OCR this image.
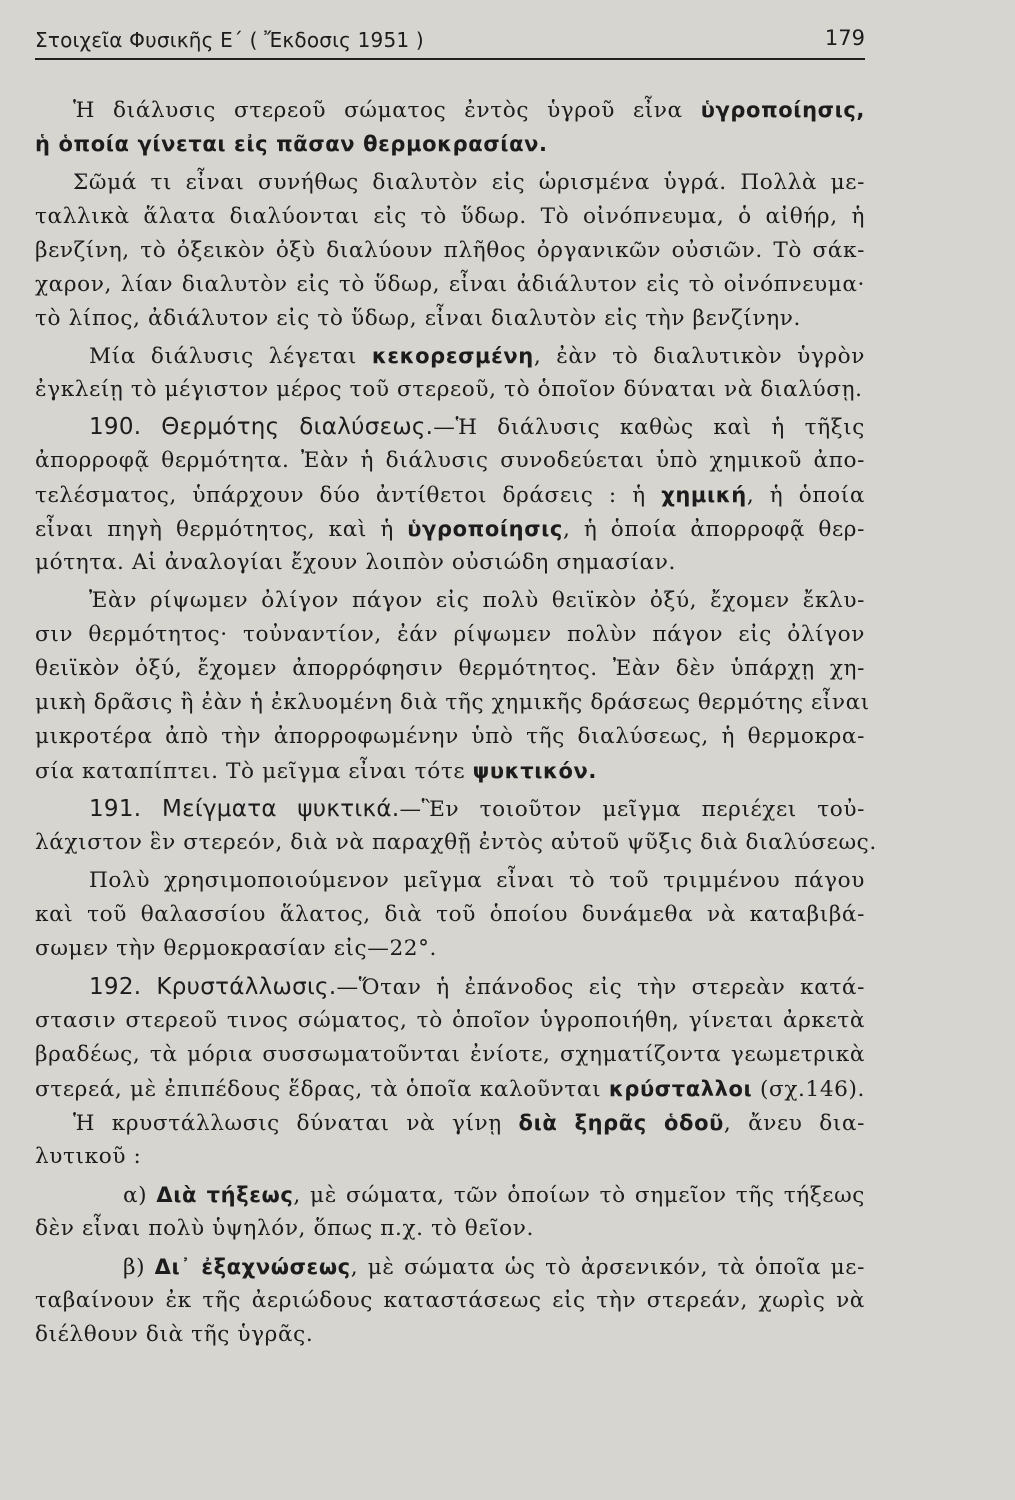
Στοιχεῖα Φυσικῆς Ε΄ ( Ἔκδοσις 1951 )	179
Ἡ διάλυσις στερεοῦ σώματος ἐντὸς ὑγροῦ εἶνα ὑγροποίησις,
ἡ ὁποία γίνεται εἰς πᾶσαν θερμοκρασίαν.
Σῶμά τι εἶναι συνήθως διαλυτὸν εἰς ὡρισμένα ὑγρά. Πολλὰ με-
ταλλικὰ ἅλατα διαλύονται εἰς τὸ ὕδωρ. Τὸ οἰνόπνευμα, ὁ αἰθήρ, ἡ
βενζίνη, τὸ ὀξεικὸν ὀξὺ διαλύουν πλῆθος ὀργανικῶν οὐσιῶν. Τὸ σάκ-
χαρον, λίαν διαλυτὸν εἰς τὸ ὕδωρ, εἶναι ἀδιάλυτον εἰς τὸ οἰνόπνευμα·
τὸ λίπος, ἀδιάλυτον εἰς τὸ ὕδωρ, εἶναι διαλυτὸν εἰς τὴν βενζίνην.
Μία διάλυσις λέγεται κεκορεσμένη, ἐὰν τὸ διαλυτικὸν ὑγρὸν
ἐγκλείῃ τὸ μέγιστον μέρος τοῦ στερεοῦ, τὸ ὁποῖον δύναται νὰ διαλύσῃ.
190. Θερμότης διαλύσεως.—Ἡ διάλυσις καθὼς καὶ ἡ τῆξις
ἀπορροφᾷ θερμότητα. Ἐὰν ἡ διάλυσις συνοδεύεται ὑπὸ χημικοῦ ἀπο-
τελέσματος, ὑπάρχουν δύο ἀντίθετοι δράσεις : ἡ χημική, ἡ ὁποία
εἶναι πηγὴ θερμότητος, καὶ ἡ ὑγροποίησις, ἡ ὁποία ἀπορροφᾷ θερ-
μότητα. Αἱ ἀναλογίαι ἔχουν λοιπὸν οὐσιώδη σημασίαν.
Ἐὰν ρίψωμεν ὀλίγον πάγον εἰς πολὺ θειϊκὸν ὀξύ, ἔχομεν ἔκλυ-
σιν θερμότητος· τοὐναντίον, ἐάν ρίψωμεν πολὺν πάγον εἰς ὀλίγον
θειϊκὸν ὀξύ, ἔχομεν ἀπορρόφησιν θερμότητος. Ἐὰν δὲν ὑπάρχῃ χη-
μικὴ δρᾶσις ἢ ἐὰν ἡ ἐκλυομένη διὰ τῆς χημικῆς δράσεως θερμότης εἶναι
μικροτέρα ἀπὸ τὴν ἀπορροφωμένην ὑπὸ τῆς διαλύσεως, ἡ θερμοκρα-
σία καταπίπτει. Τὸ μεῖγμα εἶναι τότε ψυκτικόν.
191. Μείγματα ψυκτικά.—Ἓν τοιοῦτον μεῖγμα περιέχει τοὐ-
λάχιστον ἓν στερεόν, διὰ νὰ παραχθῇ ἐντὸς αὐτοῦ ψῦξις διὰ διαλύσεως.
Πολὺ χρησιμοποιούμενον μεῖγμα εἶναι τὸ τοῦ τριμμένου πάγου
καὶ τοῦ θαλασσίου ἅλατος, διὰ τοῦ ὁποίου δυνάμεθα νὰ καταβιβά-
σωμεν τὴν θερμοκρασίαν εἰς—22°.
192. Κρυστάλλωσις.—Ὅταν ἡ ἐπάνοδος εἰς τὴν στερεὰν κατά-
στασιν στερεοῦ τινος σώματος, τὸ ὁποῖον ὑγροποιήθη, γίνεται ἀρκετὰ
βραδέως, τὰ μόρια συσσωματοῦνται ἐνίοτε, σχηματίζοντα γεωμετρικὰ
στερεά, μὲ ἐπιπέδους ἕδρας, τὰ ὁποῖα καλοῦνται κρύσταλλοι (σχ.146).
Ἡ κρυστάλλωσις δύναται νὰ γίνῃ διὰ ξηρᾶς ὁδοῦ, ἄνευ δια-
λυτικοῦ :
α) Διὰ τήξεως, μὲ σώματα, τῶν ὁποίων τὸ σημεῖον τῆς τήξεως
δὲν εἶναι πολὺ ὑψηλόν, ὅπως π.χ. τὸ θεῖον.
β) Δι᾽ ἐξαχνώσεως, μὲ σώματα ὡς τὸ ἀρσενικόν, τὰ ὁποῖα με-
ταβαίνουν ἐκ τῆς ἀεριώδους καταστάσεως εἰς τὴν στερεάν, χωρὶς νὰ
διέλθουν διὰ τῆς ὑγρᾶς.
